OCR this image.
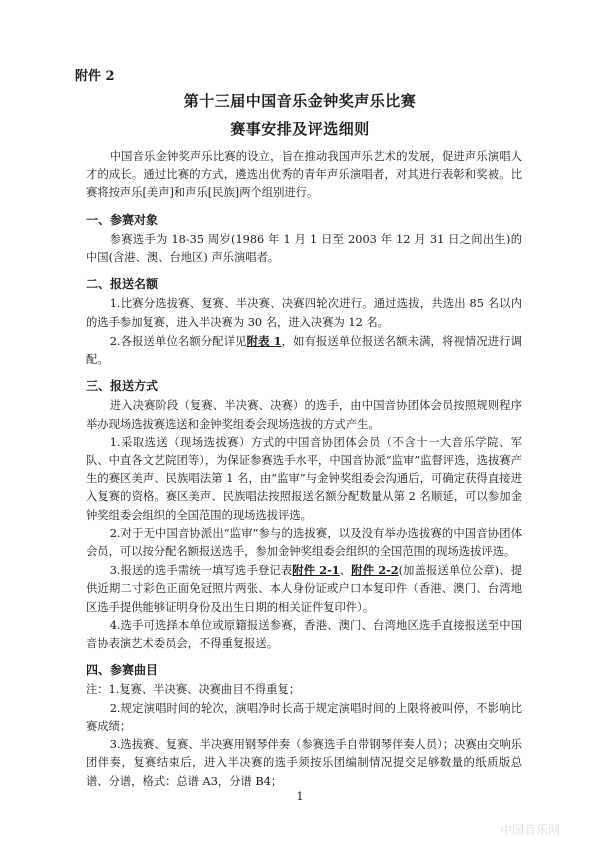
附件 2
第十三届中国音乐金钟奖声乐比赛
赛事安排及评选细则

中国音乐金钟奖声乐比赛的设立，旨在推动我国声乐艺术的发展，促进声乐演唱人才的成长。通过比赛的方式，遴选出优秀的青年声乐演唱者，对其进行表彰和奖被。比赛将按声乐[美声]和声乐[民族]两个组别进行。

一、参赛对象

参赛选手为 18-35 周岁(1986 年 1 月 1 日至 2003 年 12 月 31 日之间出生)的中国(含港、澳、台地区) 声乐演唱者。

二、报送名额

1.比赛分选拔赛、复赛、半决赛、决赛四轮次进行。通过选拔，共选出 85 名以内的选手参加复赛，进入半决赛为 30 名，进入决赛为 12 名。

2.各报送单位名额分配详见附表 1，如有报送单位报送名额未满，将视情况进行调配。

三、报送方式

进入决赛阶段（复赛、半决赛、决赛）的选手，由中国音协团体会员按照规则程序举办现场选拔赛选送和金钟奖组委会现场选拔的方式产生。

1.采取选送（现场选拔赛）方式的中国音协团体会员（不含十一大音乐学院、军队、中直各文艺院团等），为保证参赛选手水平，中国音协派“监审”监督评选，选拔赛产生的赛区美声、民族唱法第 1 名，由“监审”与金钟奖组委会沟通后，可确定获得直接进入复赛的资格。赛区美声、民族唱法按照报送名额分配数量从第 2 名顺延，可以参加金钟奖组委会组织的全国范围的现场选拔评选。

2.对于无中国音协派出“监审”参与的选拔赛，以及没有举办选拔赛的中国音协团体会员，可以按分配名额报送选手，参加金钟奖组委会组织的全国范围的现场选拔评选。

3.报送的选手需统一填写选手登记表附件 2-1、附件 2-2(加盖报送单位公章)、提供近期二寸彩色正面免冠照片两张、本人身份证或户口本复印件（香港、澳门、台湾地区选手提供能够证明身份及出生日期的相关证件复印件）。

4.选手可选择本单位或原籍报送参赛，香港、澳门、台湾地区选手直接报送至中国音协表演艺术委员会，不得重复报送。

四、参赛曲目

注：1.复赛、半决赛、决赛曲目不得重复；

2.规定演唱时间的轮次，演唱净时长高于规定演唱时间的上限将被叫停，不影响比赛成绩；

3.选拔赛、复赛、半决赛用钢琴伴奏（参赛选手自带钢琴伴奏人员）；决赛由交响乐团伴奏，复赛结束后，进入半决赛的选手须按乐团编制情况提交足够数量的纸质版总谱、分谱，格式：总谱 A3，分谱 B4；

1
中国音乐网
